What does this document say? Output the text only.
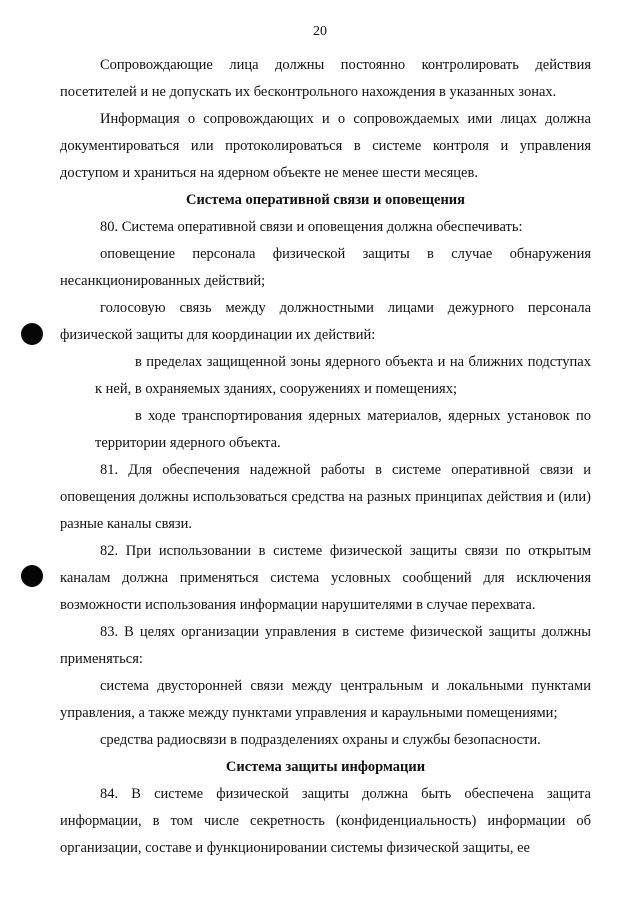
20

Сопровождающие лица должны постоянно контролировать действия посетителей и не допускать их бесконтрольного нахождения в указанных зонах.

Информация о сопровождающих и о сопровождаемых ими лицах должна документироваться или протоколироваться в системе контроля и управления доступом и храниться на ядерном объекте не менее шести месяцев.

Система оперативной связи и оповещения

80. Система оперативной связи и оповещения должна обеспечивать:

оповещение персонала физической защиты в случае обнаружения несанкционированных действий;

голосовую связь между должностными лицами дежурного персонала физической защиты для координации их действий:

в пределах защищенной зоны ядерного объекта и на ближних подступах к ней, в охраняемых зданиях, сооружениях и помещениях;

в ходе транспортирования ядерных материалов, ядерных установок по территории ядерного объекта.

81. Для обеспечения надежной работы в системе оперативной связи и оповещения должны использоваться средства на разных принципах действия и (или) разные каналы связи.

82. При использовании в системе физической защиты связи по открытым каналам должна применяться система условных сообщений для исключения возможности использования информации нарушителями в случае перехвата.

83. В целях организации управления в системе физической защиты должны применяться:

система двусторонней связи между центральным и локальными пунктами управления, а также между пунктами управления и караульными помещениями;

средства радиосвязи в подразделениях охраны и службы безопасности.

Система защиты информации

84. В системе физической защиты должна быть обеспечена защита информации, в том числе секретность (конфиденциальность) информации об организации, составе и функционировании системы физической защиты, ее
